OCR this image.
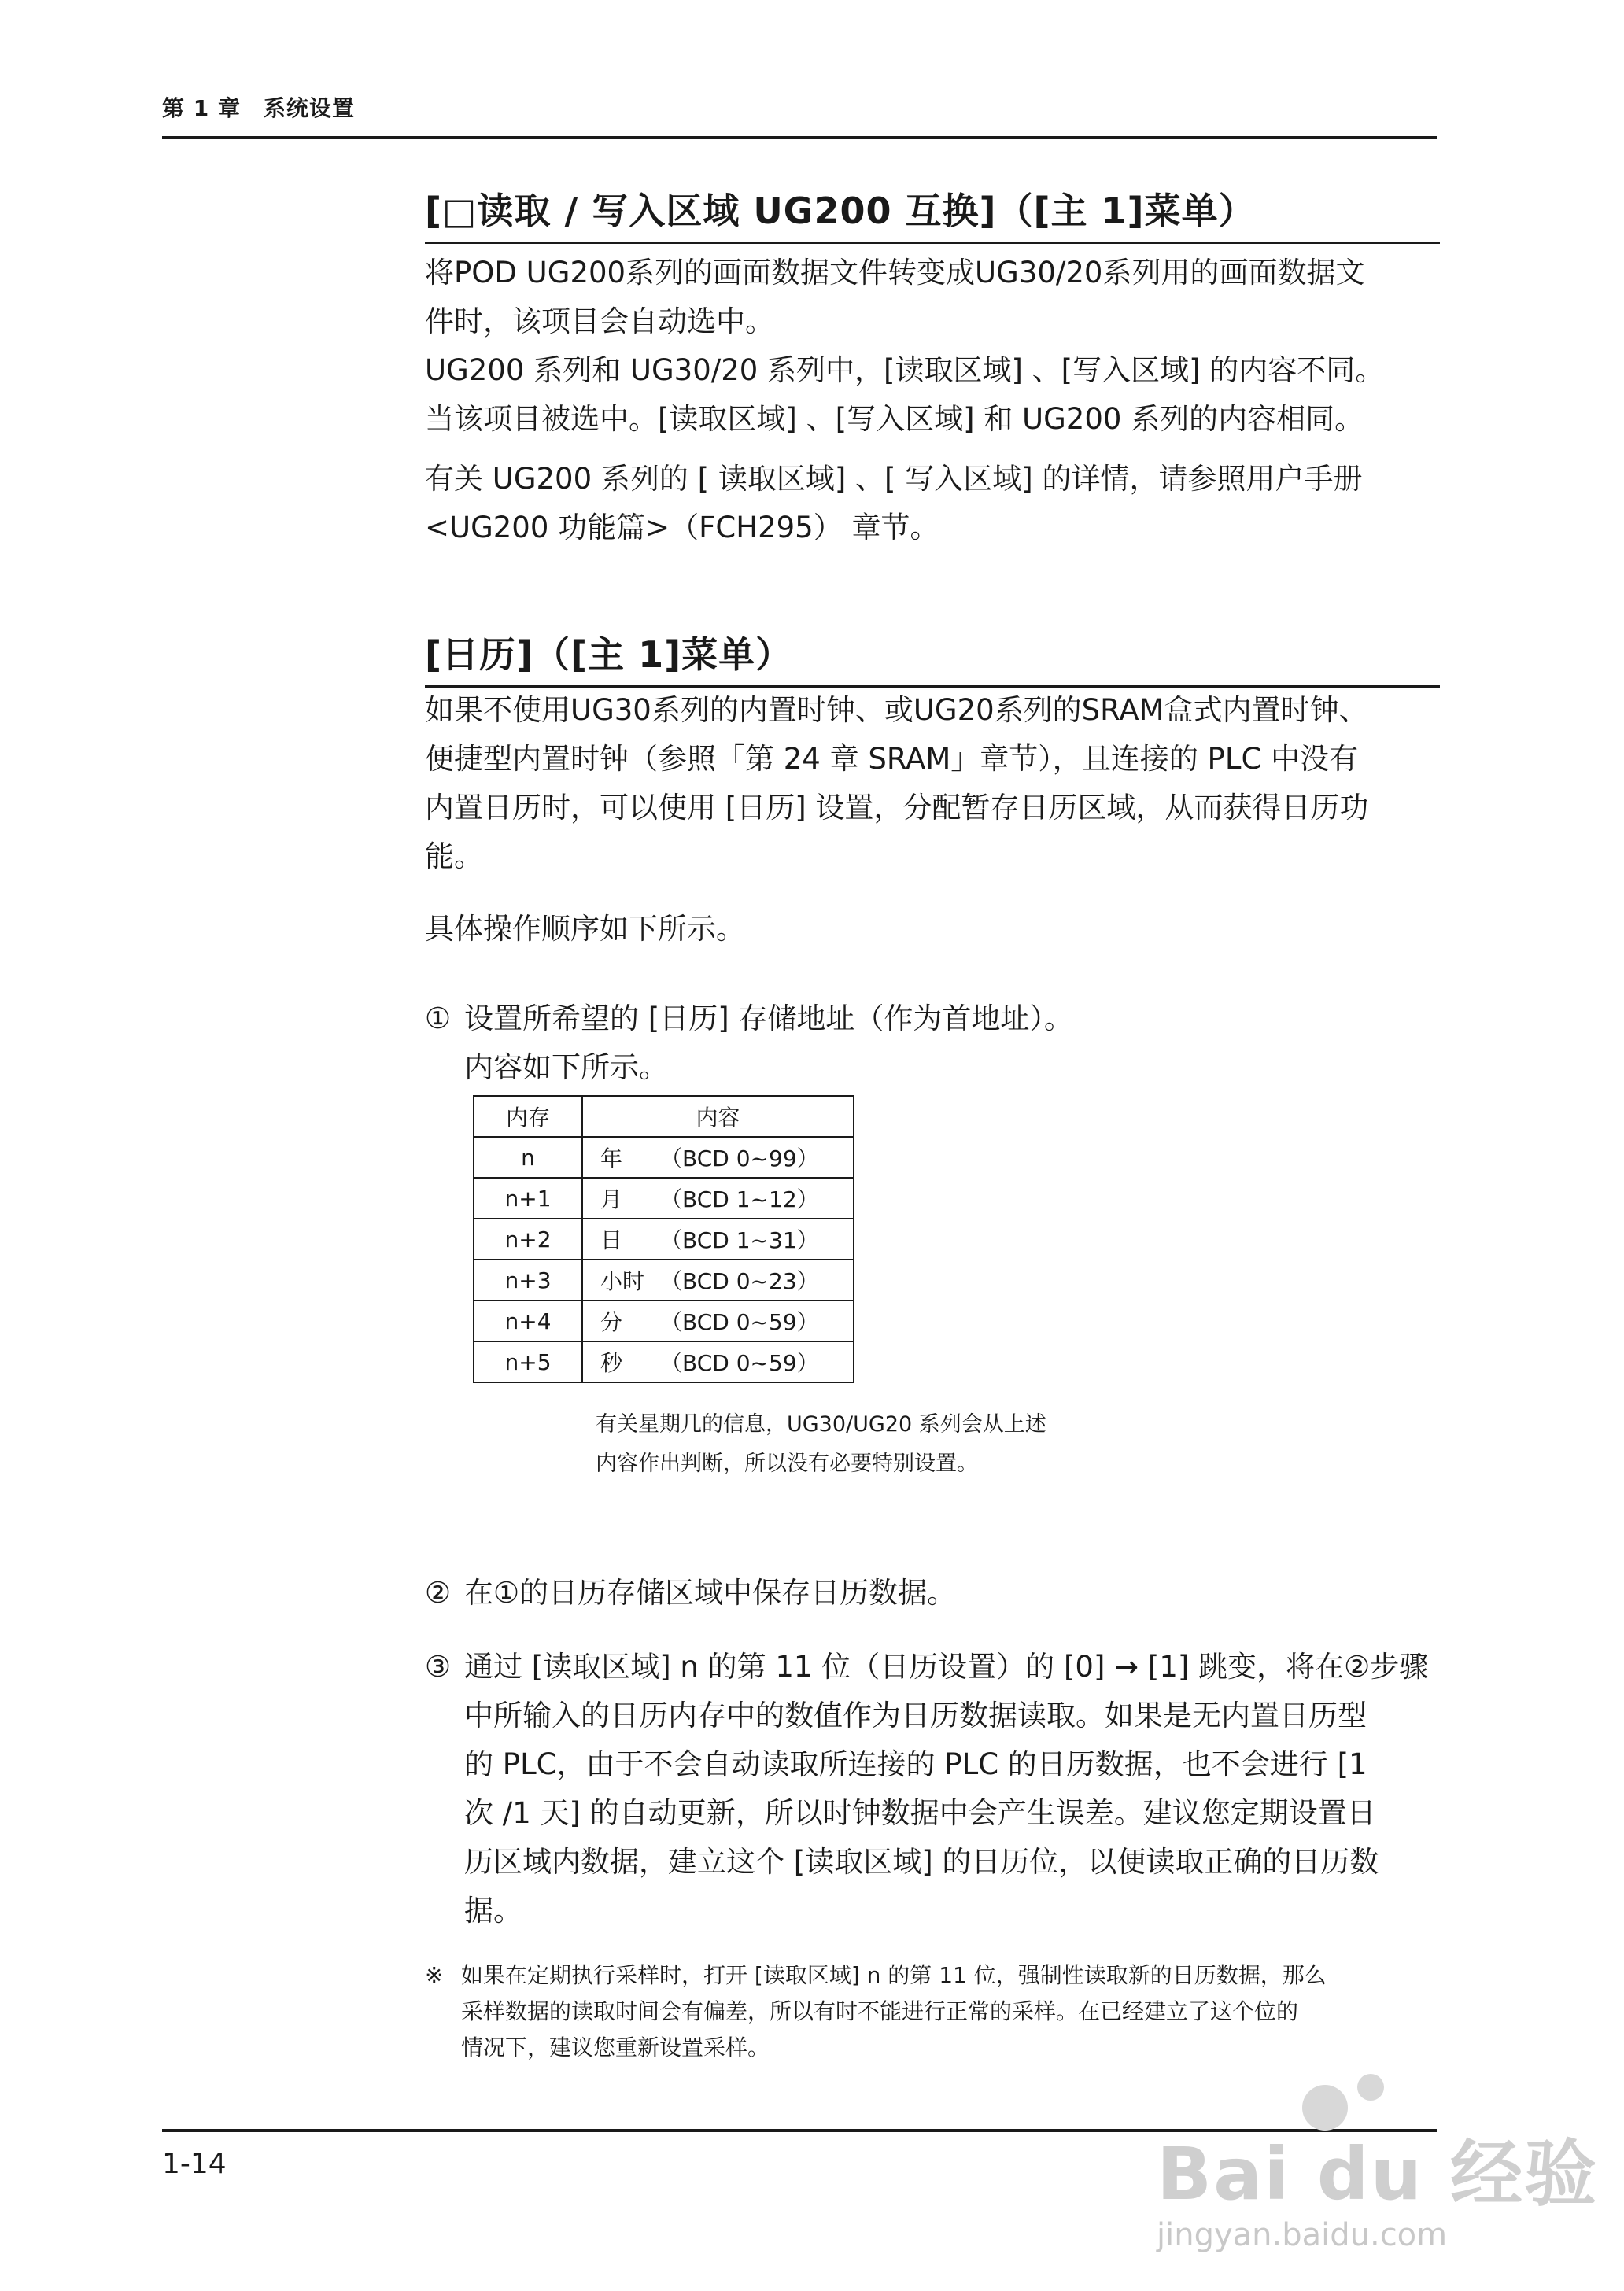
第 1 章　系统设置
[□读取 / 写入区域 UG200 互换]（[主 1]菜单）

将POD UG200系列的画面数据文件转变成UG30/20系列用的画面数据文

件时，该项目会自动选中。

UG200 系列和 UG30/20 系列中，[读取区域] 、[写入区域] 的内容不同。

当该项目被选中。[读取区域] 、[写入区域] 和 UG200 系列的内容相同。

有关 UG200 系列的 [ 读取区域] 、[ 写入区域] 的详情，请参照用户手册

<UG200 功能篇>（FCH295） 章节。

[日历]（[主 1]菜单）

如果不使用UG30系列的内置时钟、或UG20系列的SRAM盒式内置时钟、

便捷型内置时钟（参照「第 24 章 SRAM」章节），且连接的 PLC 中没有

内置日历时，可以使用 [日历] 设置，分配暂存日历区域，从而获得日历功

能。

具体操作顺序如下所示。
① 设置所希望的 [日历] 存储地址（作为首地址）。
内容如下所示。
内存	内容
n	年 （BCD 0~99）
n+1	月 （BCD 1~12）
n+2	日 （BCD 1~31）
n+3	小时 （BCD 0~23）
n+4	分 （BCD 0~59）
n+5	秒 （BCD 0~59）
有关星期几的信息，UG30/UG20 系列会从上述
内容作出判断，所以没有必要特别设置。
② 在①的日历存储区域中保存日历数据。
③ 通过 [读取区域] n 的第 11 位（日历设置）的 [0] → [1] 跳变，将在②步骤
中所输入的日历内存中的数值作为日历数据读取。如果是无内置日历型
的 PLC，由于不会自动读取所连接的 PLC 的日历数据，也不会进行 [1
次 /1 天] 的自动更新，所以时钟数据中会产生误差。建议您定期设置日
历区域内数据，建立这个 [读取区域] 的日历位，以便读取正确的日历数
据。
※ 如果在定期执行采样时，打开 [读取区域] n 的第 11 位，强制性读取新的日历数据，那么
采样数据的读取时间会有偏差，所以有时不能进行正常的采样。在已经建立了这个位的
情况下，建议您重新设置采样。
1-14	Bai du 经验
jingyan.baidu.com
